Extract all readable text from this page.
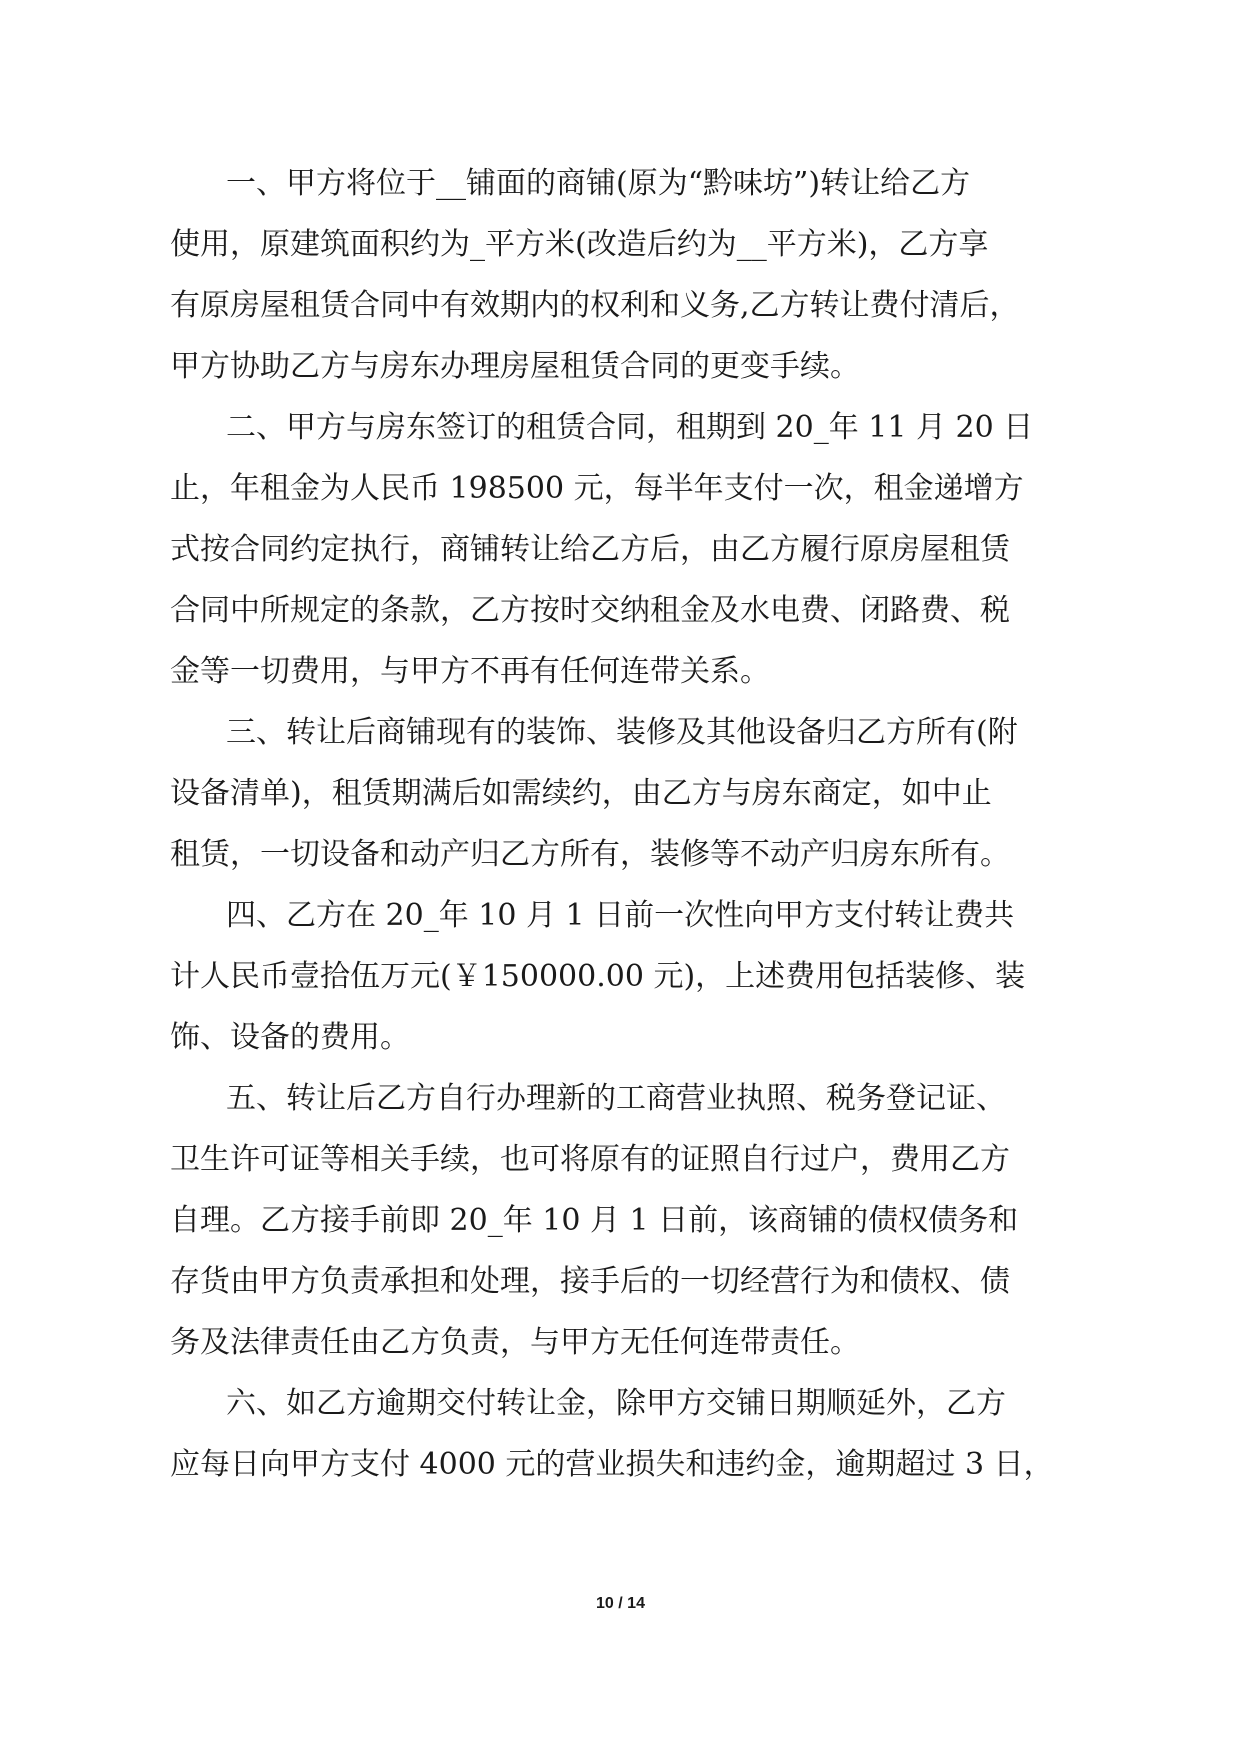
一、甲方将位于__铺面的商铺(原为“黔味坊”)转让给乙方
使用，原建筑面积约为_平方米(改造后约为__平方米)，乙方享
有原房屋租赁合同中有效期内的权利和义务,乙方转让费付清后，
甲方协助乙方与房东办理房屋租赁合同的更变手续。
二、甲方与房东签订的租赁合同，租期到 20_年 11 月 20 日
止，年租金为人民币 198500 元，每半年支付一次，租金递增方
式按合同约定执行，商铺转让给乙方后，由乙方履行原房屋租赁
合同中所规定的条款，乙方按时交纳租金及水电费、闭路费、税
金等一切费用，与甲方不再有任何连带关系。
三、转让后商铺现有的装饰、装修及其他设备归乙方所有(附
设备清单)，租赁期满后如需续约，由乙方与房东商定，如中止
租赁，一切设备和动产归乙方所有，装修等不动产归房东所有。
四、乙方在 20_年 10 月 1 日前一次性向甲方支付转让费共
计人民币壹拾伍万元(￥150000.00 元)，上述费用包括装修、装
饰、设备的费用。
五、转让后乙方自行办理新的工商营业执照、税务登记证、
卫生许可证等相关手续，也可将原有的证照自行过户，费用乙方
自理。乙方接手前即 20_年 10 月 1 日前，该商铺的债权债务和
存货由甲方负责承担和处理，接手后的一切经营行为和债权、债
务及法律责任由乙方负责，与甲方无任何连带责任。
六、如乙方逾期交付转让金，除甲方交铺日期顺延外，乙方
应每日向甲方支付 4000 元的营业损失和违约金，逾期超过 3 日，
10 / 14
